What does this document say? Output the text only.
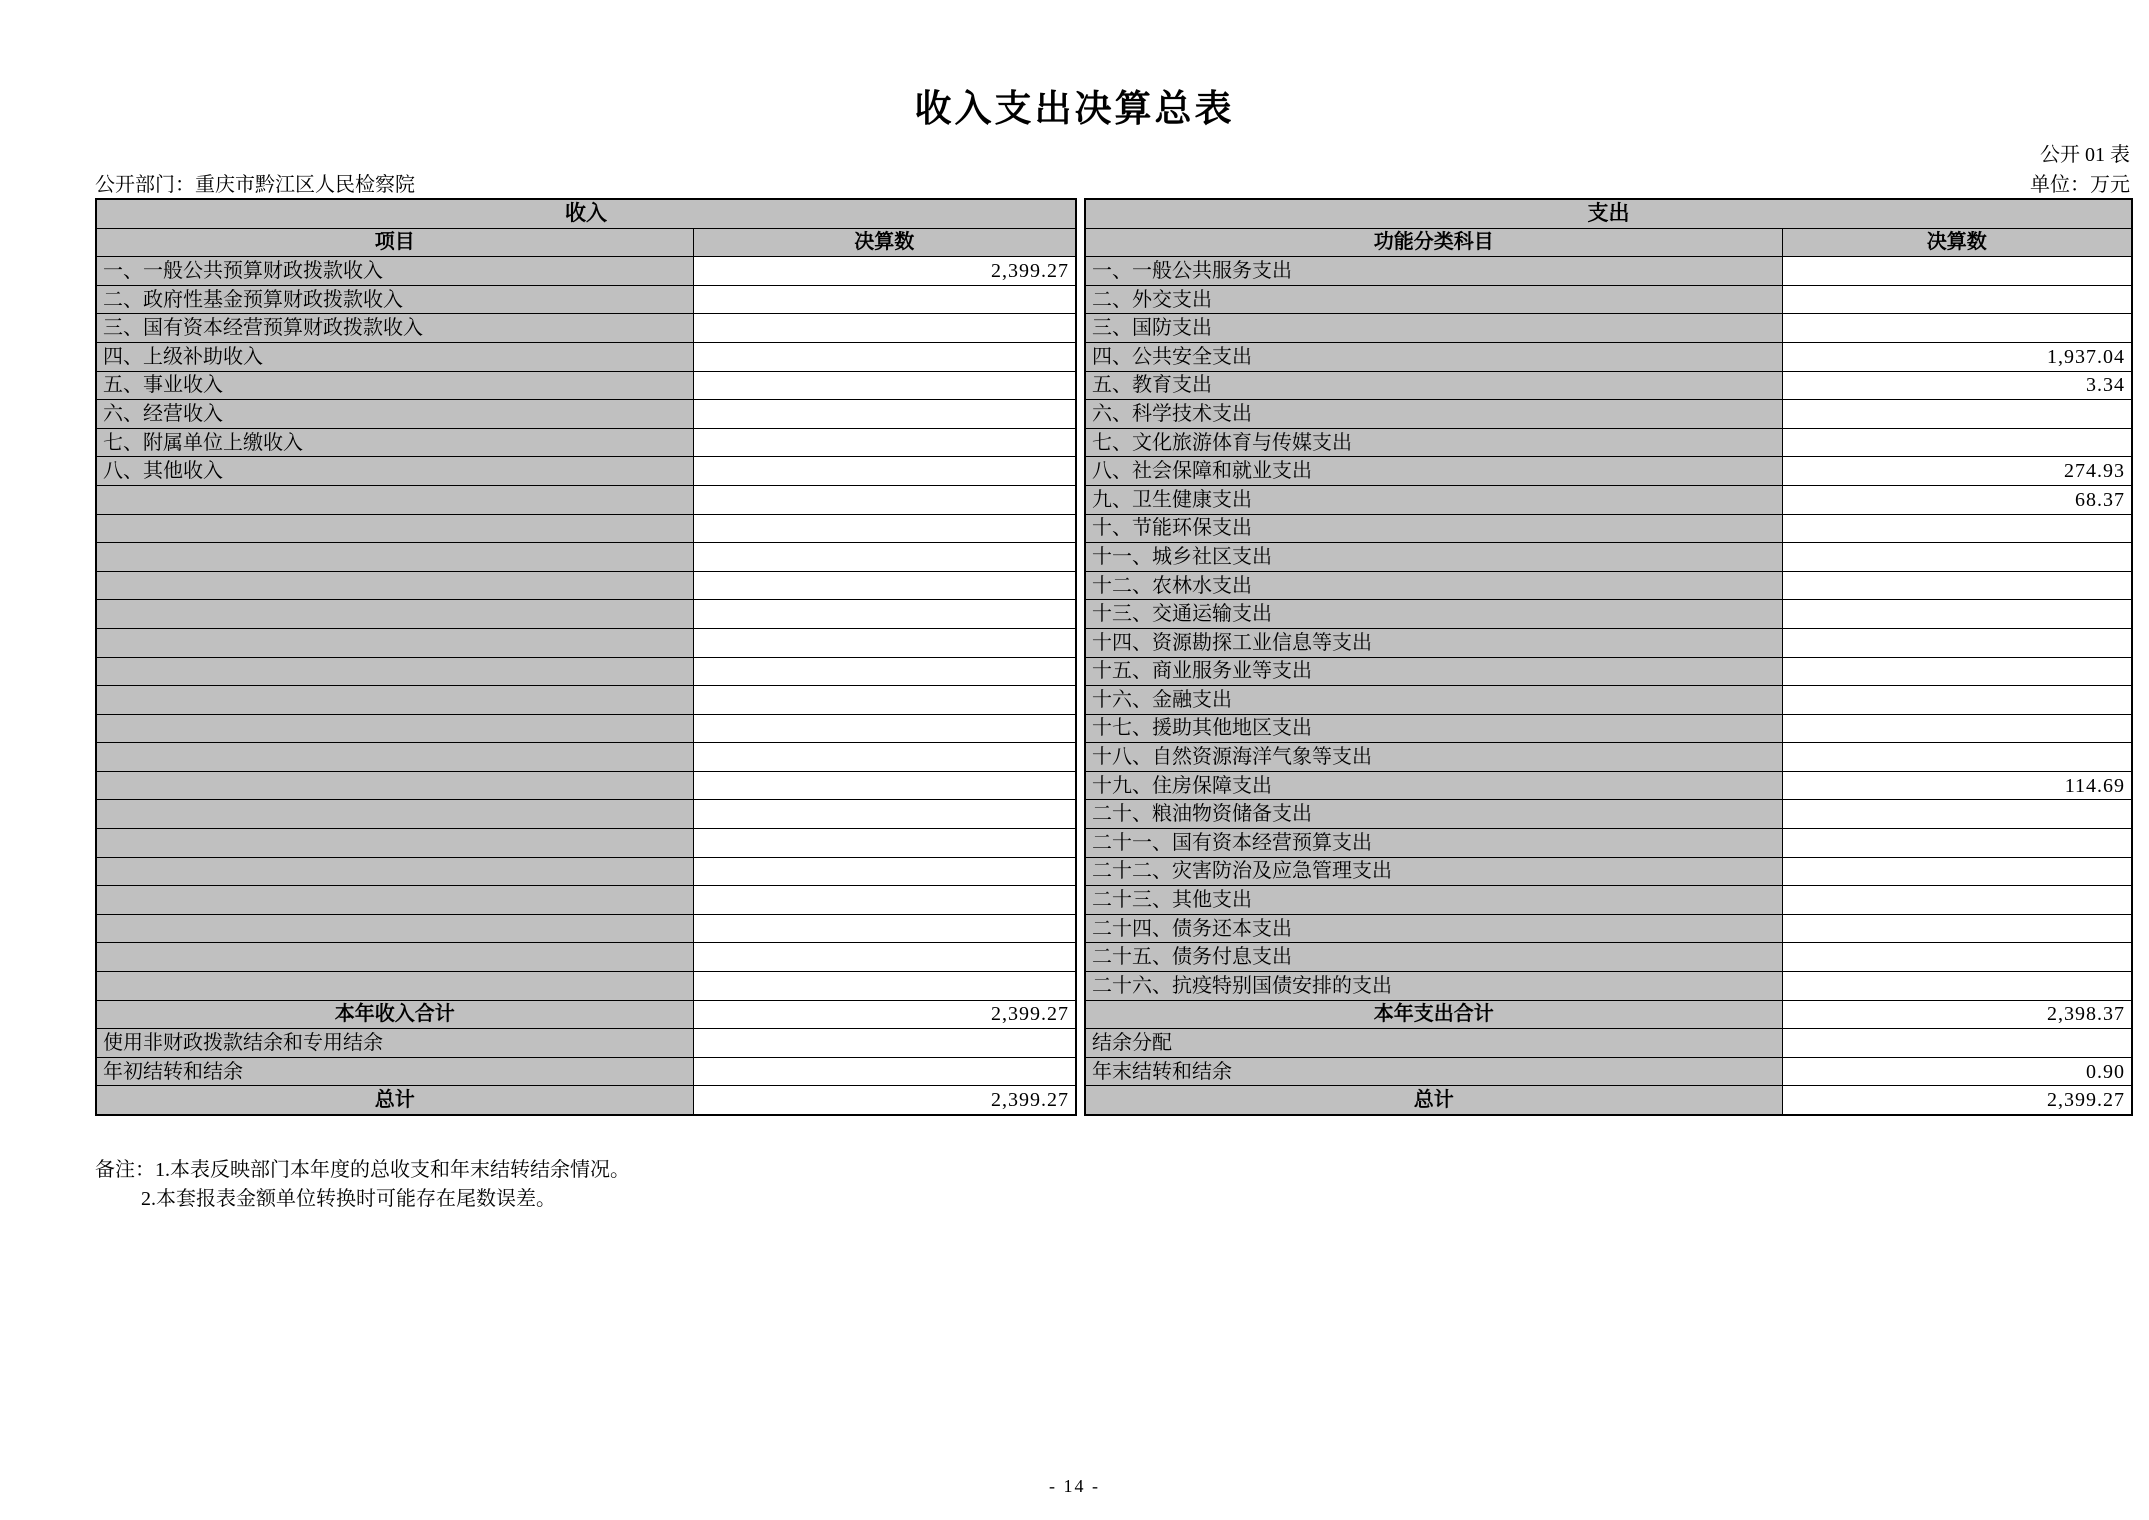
收入支出决算总表
公开 01 表
公开部门：重庆市黔江区人民检察院	单位：万元
收入	
项目	决算数
一、一般公共预算财政拨款收入	2,399.27
二、政府性基金预算财政拨款收入	
三、国有资本经营预算财政拨款收入	
四、上级补助收入	
五、事业收入	
六、经营收入	
七、附属单位上缴收入	
八、其他收入	

本年收入合计	2,399.27
使用非财政拨款结余和专用结余	
年初结转和结余	
总计	2,399.27
支出	
功能分类科目	决算数
一、一般公共服务支出	
二、外交支出	
三、国防支出	
四、公共安全支出	1,937.04
五、教育支出	3.34
六、科学技术支出	
七、文化旅游体育与传媒支出	
八、社会保障和就业支出	274.93
九、卫生健康支出	68.37
十、节能环保支出	
十一、城乡社区支出	
十二、农林水支出	
十三、交通运输支出	
十四、资源勘探工业信息等支出	
十五、商业服务业等支出	
十六、金融支出	
十七、援助其他地区支出	
十八、自然资源海洋气象等支出	
十九、住房保障支出	114.69
二十、粮油物资储备支出	
二十一、国有资本经营预算支出	
二十二、灾害防治及应急管理支出	
二十三、其他支出	
二十四、债务还本支出	
二十五、债务付息支出	
二十六、抗疫特别国债安排的支出	
本年支出合计	2,398.37
结余分配	
年末结转和结余	0.90
总计	2,399.27
备注：1.本表反映部门本年度的总收支和年末结转结余情况。
2.本套报表金额单位转换时可能存在尾数误差。
- 14 -
